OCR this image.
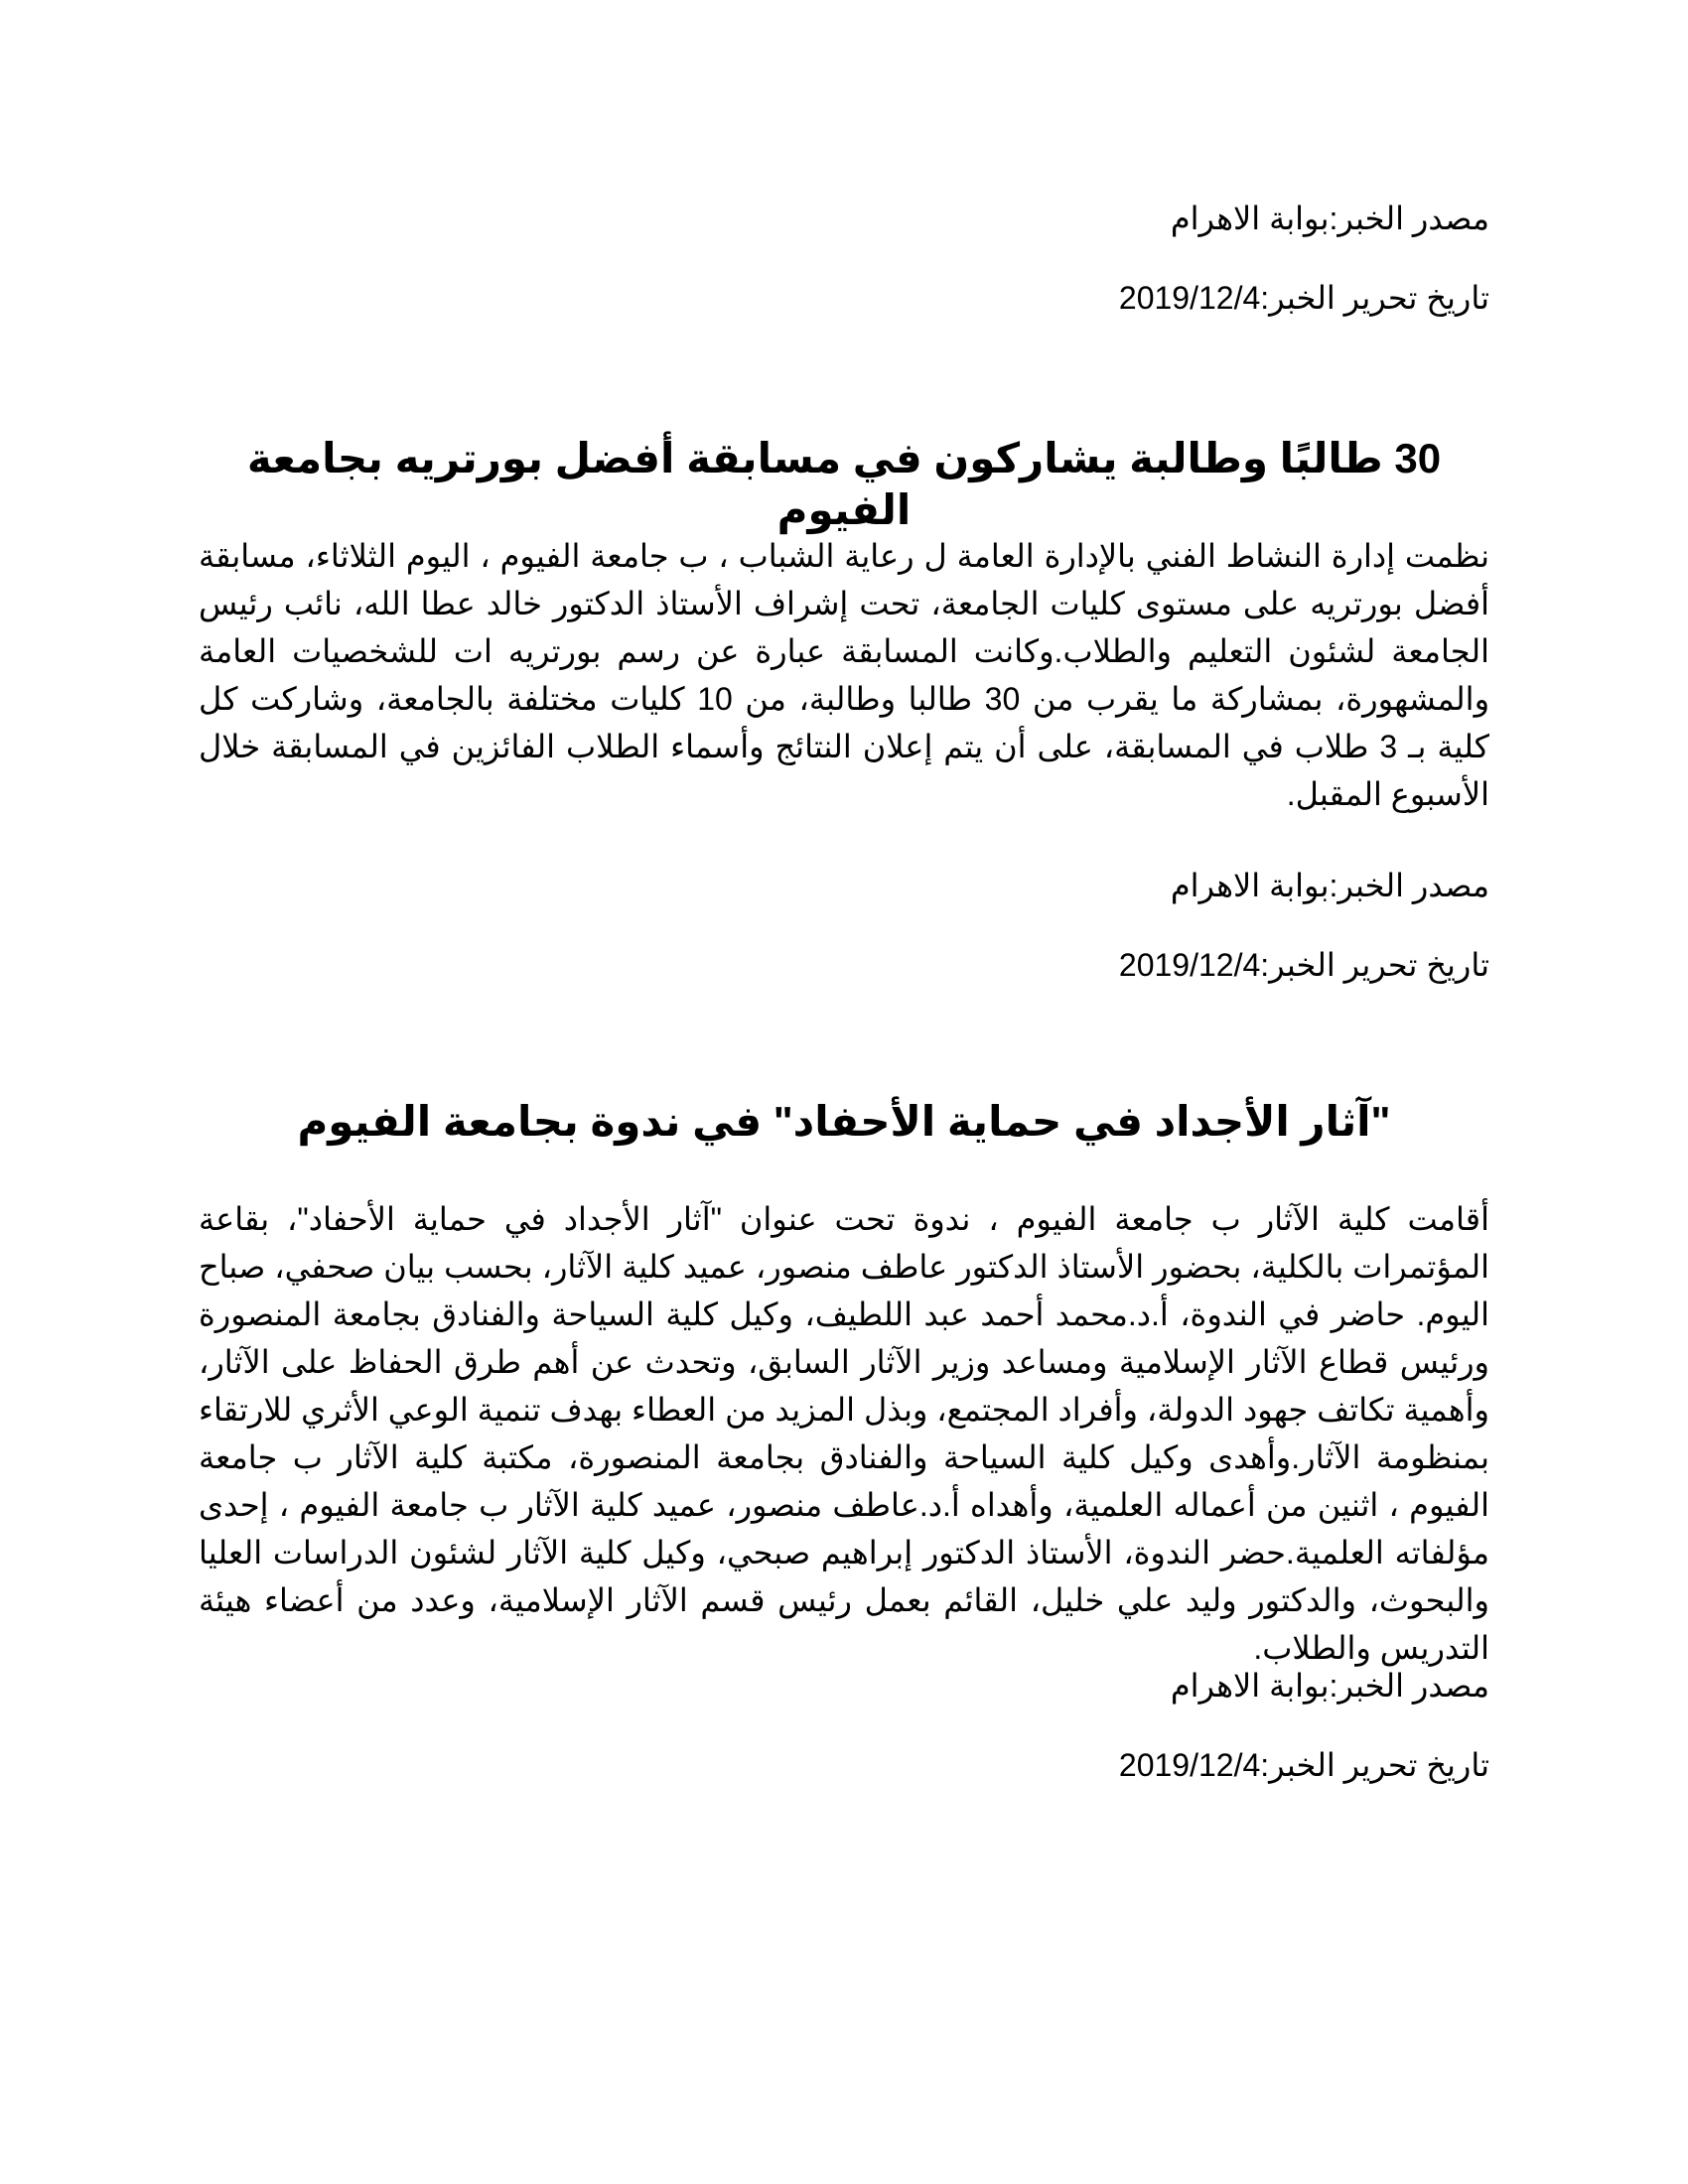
مصدر الخبر:بوابة الاهرام
تاريخ تحرير الخبر:2019/12/4
30 طالبًا وطالبة يشاركون في مسابقة أفضل بورتريه بجامعة الفيوم
نظمت إدارة النشاط الفني بالإدارة العامة ل رعاية الشباب ، ب جامعة الفيوم ، اليوم الثلاثاء، مسابقة أفضل بورتريه على مستوى كليات الجامعة، تحت إشراف الأستاذ الدكتور خالد عطا الله، نائب رئيس الجامعة لشئون التعليم والطلاب.وكانت المسابقة عبارة عن رسم بورتريه ات للشخصيات العامة والمشهورة، بمشاركة ما يقرب من 30 طالبا وطالبة، من 10 كليات مختلفة بالجامعة، وشاركت كل كلية بـ 3 طلاب في المسابقة، على أن يتم إعلان النتائج وأسماء الطلاب الفائزين في المسابقة خلال الأسبوع المقبل.
مصدر الخبر:بوابة الاهرام
تاريخ تحرير الخبر:2019/12/4
"آثار الأجداد في حماية الأحفاد" في ندوة بجامعة الفيوم
أقامت كلية الآثار ب جامعة الفيوم ، ندوة تحت عنوان "آثار الأجداد في حماية الأحفاد"، بقاعة المؤتمرات بالكلية، بحضور الأستاذ الدكتور عاطف منصور، عميد كلية الآثار، بحسب بيان صحفي، صباح اليوم. حاضر في الندوة، أ.د.محمد أحمد عبد اللطيف، وكيل كلية السياحة والفنادق بجامعة المنصورة ورئيس قطاع الآثار الإسلامية ومساعد وزير الآثار السابق، وتحدث عن أهم طرق الحفاظ على الآثار، وأهمية تكاتف جهود الدولة، وأفراد المجتمع، وبذل المزيد من العطاء بهدف تنمية الوعي الأثري للارتقاء بمنظومة الآثار.وأهدى وكيل كلية السياحة والفنادق بجامعة المنصورة، مكتبة كلية الآثار ب جامعة الفيوم ، اثنين من أعماله العلمية، وأهداه أ.د.عاطف منصور، عميد كلية الآثار ب جامعة الفيوم ، إحدى مؤلفاته العلمية.حضر الندوة، الأستاذ الدكتور إبراهيم صبحي، وكيل كلية الآثار لشئون الدراسات العليا والبحوث، والدكتور وليد علي خليل، القائم بعمل رئيس قسم الآثار الإسلامية، وعدد من أعضاء هيئة التدريس والطلاب.
مصدر الخبر:بوابة الاهرام
تاريخ تحرير الخبر:2019/12/4
